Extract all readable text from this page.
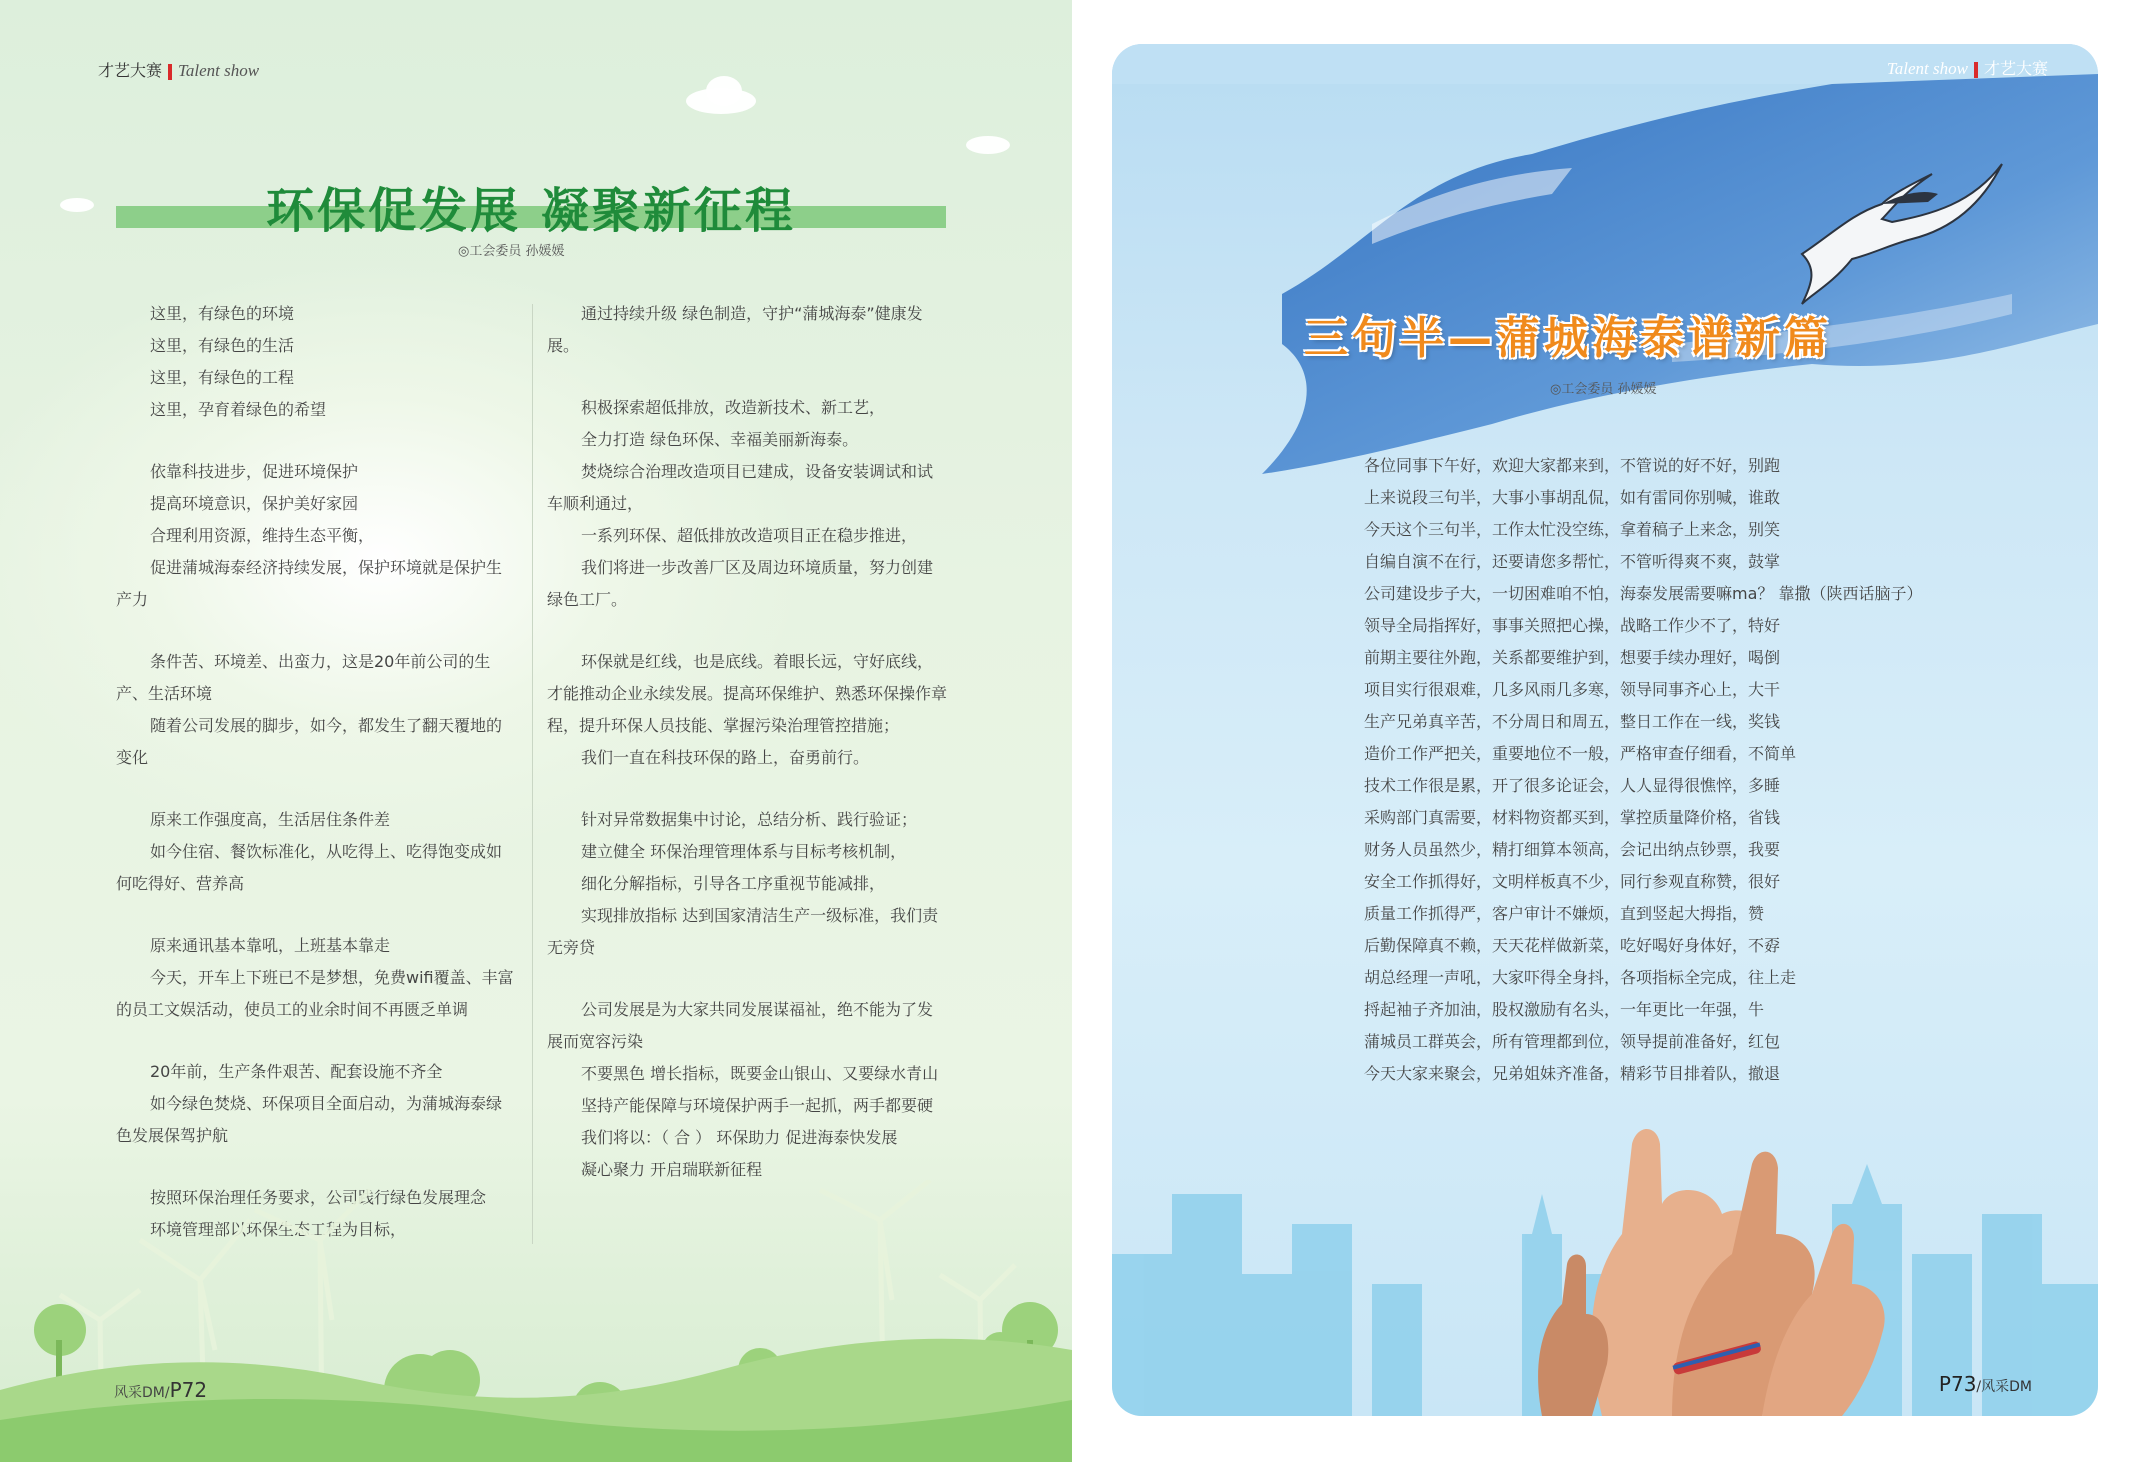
才艺大赛 Talent show
环保促发展 凝聚新征程
◎工会委员 孙媛媛

这里，有绿色的环境

这里，有绿色的生活

这里，有绿色的工程

这里，孕育着绿色的希望

依靠科技进步，促进环境保护

提高环境意识，保护美好家园

合理利用资源，维持生态平衡，

促进蒲城海泰经济持续发展，保护环境就是保护生产力

条件苦、环境差、出蛮力，这是20年前公司的生产、生活环境

随着公司发展的脚步，如今，都发生了翻天覆地的变化

原来工作强度高，生活居住条件差

如今住宿、餐饮标准化，从吃得上、吃得饱变成如何吃得好、营养高

原来通讯基本靠吼，上班基本靠走

今天，开车上下班已不是梦想，免费wifi覆盖、丰富的员工文娱活动，使员工的业余时间不再匮乏单调

20年前，生产条件艰苦、配套设施不齐全

如今绿色焚烧、环保项目全面启动，为蒲城海泰绿色发展保驾护航

按照环保治理任务要求，公司践行绿色发展理念

环境管理部以环保生态工程为目标，

通过持续升级 绿色制造，守护“蒲城海泰”健康发展。

积极探索超低排放，改造新技术、新工艺，

全力打造 绿色环保、幸福美丽新海泰。

焚烧综合治理改造项目已建成，设备安装调试和试车顺利通过，

一系列环保、超低排放改造项目正在稳步推进，

我们将进一步改善厂区及周边环境质量，努力创建绿色工厂。

环保就是红线，也是底线。着眼长远，守好底线，才能推动企业永续发展。提高环保维护、熟悉环保操作章程，提升环保人员技能、掌握污染治理管控措施；

我们一直在科技环保的路上，奋勇前行。

针对异常数据集中讨论，总结分析、践行验证；

建立健全 环保治理管理体系与目标考核机制，

细化分解指标，引导各工序重视节能减排，

实现排放指标 达到国家清洁生产一级标准，我们责无旁贷

公司发展是为大家共同发展谋福祉，绝不能为了发展而宽容污染

不要黑色 增长指标，既要金山银山、又要绿水青山

坚持产能保障与环境保护两手一起抓，两手都要硬

我们将以：（ 合 ） 环保助力 促进海泰快发展

凝心聚力 开启瑞联新征程

风采DM/P72
Talent show 才艺大赛
三句半—蒲城海泰谱新篇
◎工会委员 孙媛媛

各位同事下午好，欢迎大家都来到，不管说的好不好，别跑

上来说段三句半，大事小事胡乱侃，如有雷同你别喊，谁敢

今天这个三句半，工作太忙没空练，拿着稿子上来念，别笑

自编自演不在行，还要请您多帮忙，不管听得爽不爽，鼓掌

公司建设步子大，一切困难咱不怕，海泰发展需要嘛ma？ 靠撒（陕西话脑子）

领导全局指挥好，事事关照把心操，战略工作少不了，特好

前期主要往外跑，关系都要维护到，想要手续办理好，喝倒

项目实行很艰难，几多风雨几多寒，领导同事齐心上，大干

生产兄弟真辛苦，不分周日和周五，整日工作在一线，奖钱

造价工作严把关，重要地位不一般，严格审查仔细看，不简单

技术工作很是累，开了很多论证会，人人显得很憔悴，多睡

采购部门真需要，材料物资都买到，掌控质量降价格，省钱

财务人员虽然少，精打细算本领高，会记出纳点钞票，我要

安全工作抓得好，文明样板真不少，同行参观直称赞，很好

质量工作抓得严，客户审计不嫌烦，直到竖起大拇指，赞

后勤保障真不赖，天天花样做新菜，吃好喝好身体好，不孬

胡总经理一声吼，大家吓得全身抖，各项指标全完成，往上走

捋起袖子齐加油，股权激励有名头，一年更比一年强，牛

蒲城员工群英会，所有管理都到位，领导提前准备好，红包

今天大家来聚会，兄弟姐妹齐准备，精彩节目排着队，撤退

P73/风采DM
